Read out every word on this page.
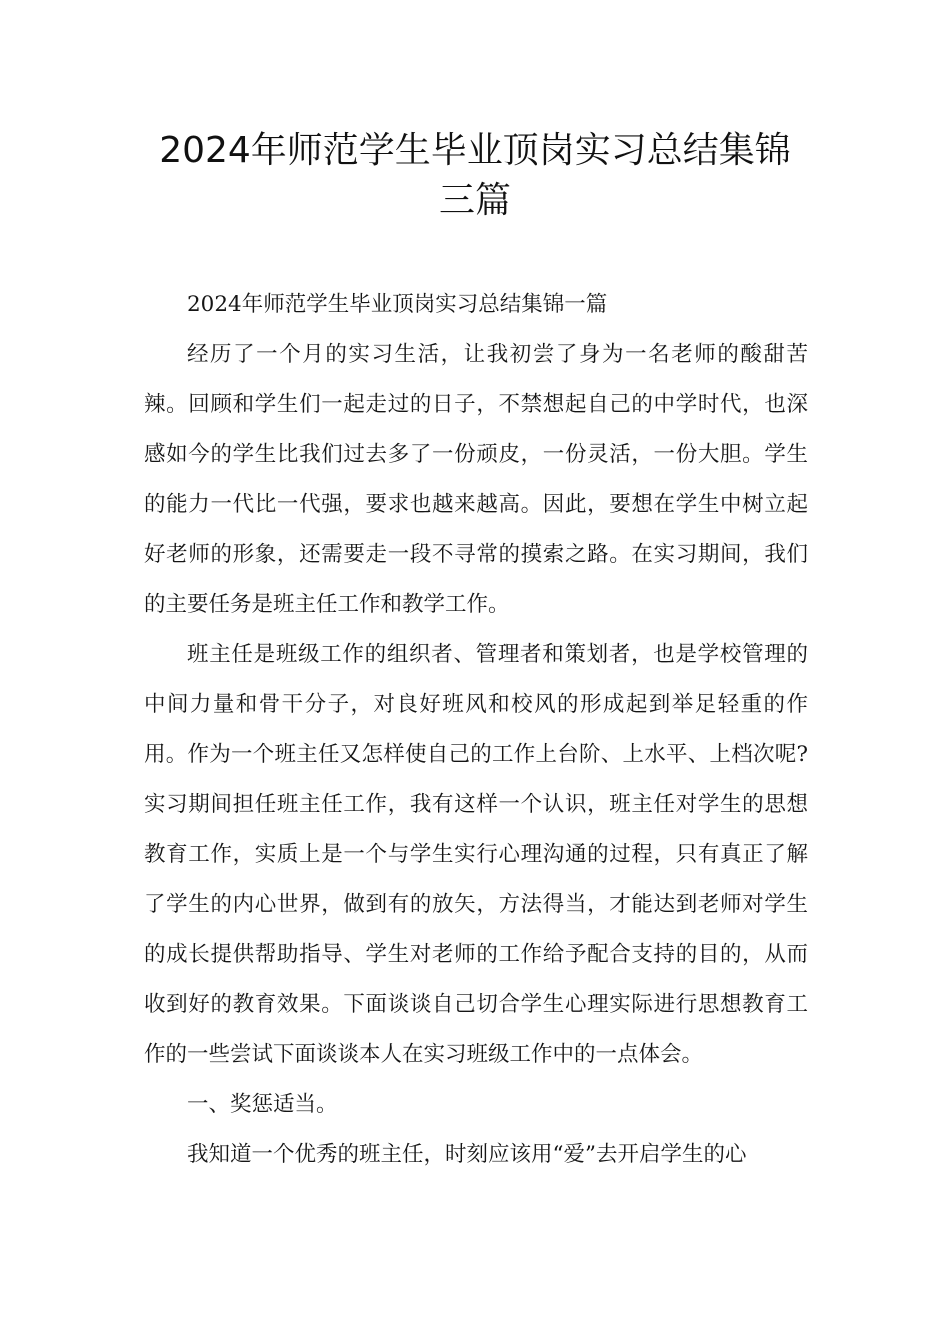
2024年师范学生毕业顶岗实习总结集锦
三篇

2024年师范学生毕业顶岗实习总结集锦一篇

经历了一个月的实习生活，让我初尝了身为一名老师的酸甜苦辣。回顾和学生们一起走过的日子，不禁想起自己的中学时代，也深感如今的学生比我们过去多了一份顽皮，一份灵活，一份大胆。学生的能力一代比一代强，要求也越来越高。因此，要想在学生中树立起好老师的形象，还需要走一段不寻常的摸索之路。在实习期间，我们的主要任务是班主任工作和教学工作。

班主任是班级工作的组织者、管理者和策划者，也是学校管理的中间力量和骨干分子，对良好班风和校风的形成起到举足轻重的作用。作为一个班主任又怎样使自己的工作上台阶、上水平、上档次呢?实习期间担任班主任工作，我有这样一个认识，班主任对学生的思想教育工作，实质上是一个与学生实行心理沟通的过程，只有真正了解了学生的内心世界，做到有的放矢，方法得当，才能达到老师对学生的成长提供帮助指导、学生对老师的工作给予配合支持的目的，从而收到好的教育效果。下面谈谈自己切合学生心理实际进行思想教育工作的一些尝试下面谈谈本人在实习班级工作中的一点体会。

一、奖惩适当。

我知道一个优秀的班主任，时刻应该用“爱”去开启学生的心
